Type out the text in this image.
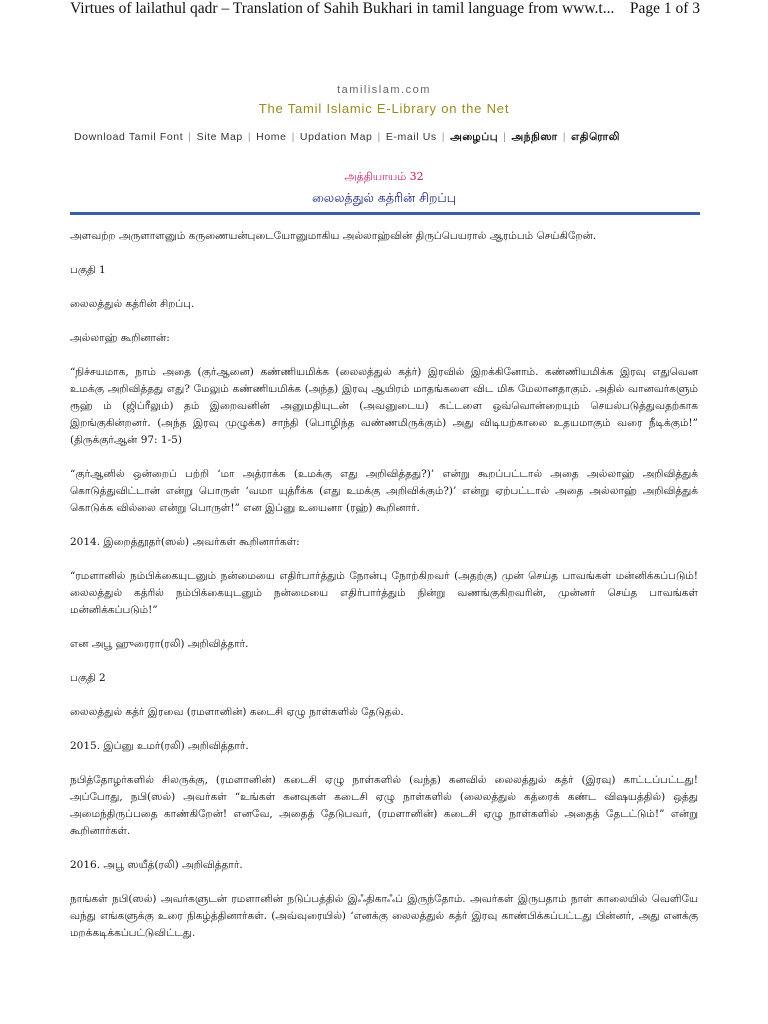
Virtues of lailathul qadr – Translation of Sahih Bukhari in tamil language from www.t... Page 1 of 3
tamilislam.com
The Tamil Islamic E-Library on the Net
Download Tamil Font | Site Map | Home | Updation Map | E-mail Us | அழைப்பு | அந்நிஸா | எதிரொலி
அத்தியாயம் 32
லைலத்துல் கத்ரின் சிறப்பு

அளவற்ற அருளாளனும் கருணையன்புடையோனுமாகிய அல்லாஹ்வின் திருப்பெயரால் ஆரம்பம் செய்கிறேன்.

பகுதி 1

லைலத்துல் கத்ரின் சிறப்பு.

அல்லாஹ் கூறினான்:

“நிச்சயமாக, நாம் அதை (குர்ஆனை) கண்ணியமிக்க (லைலத்துல் கத்ர்) இரவில் இறக்கினோம். கண்ணியமிக்க இரவு எதுவென உமக்கு அறிவித்தது எது? மேலும் கண்ணியமிக்க (அந்த) இரவு ஆயிரம் மாதங்களை விட மிக மேலானதாகும். அதில் வானவர்களும் ரூஹ் ம் (ஜிப்ரீலும்) தம் இறைவனின் அனுமதியுடன் (அவனுடைய) கட்டளை ஒவ்வொன்றையும் செயல்படுத்துவதற்காக இறங்குகின்றனர். (அந்த இரவு முழுக்க) சாந்தி (பொழிந்த வண்ணமிருக்கும்) அது விடியற்காலை உதயமாகும் வரை நீடிக்கும்!” (திருக்குர்ஆன் 97: 1-5)

“குர்ஆனில் ஒன்றைப் பற்றி ‘மா அத்ராக்க (உமக்கு எது அறிவித்தது?)’ என்று கூறப்பட்டால் அதை அல்லாஹ் அறிவித்துக் கொடுத்துவிட்டான் என்று பொருள் ‘வமா யுத்ரீக்க (எது உமக்கு அறிவிக்கும்?)’ என்று ஏற்பட்டால் அதை அல்லாஹ் அறிவித்துக் கொடுக்க வில்லை என்று பொருள்!” என இப்னு உயைனா (ரஹ்) கூறினார்.

2014. இறைத்தூதர்(ஸல்) அவர்கள் கூறினார்கள்:

“ரமளானில் நம்பிக்கையுடனும் நன்மையை எதிர்பார்த்தும் நோன்பு நோற்கிறவர் (அதற்கு) முன் செய்த பாவங்கள் மன்னிக்கப்படும்! லைலத்துல் கத்ரில் நம்பிக்கையுடனும் நன்மையை எதிர்பார்த்தும் நின்று வணங்குகிறவரின், முன்னர் செய்த பாவங்கள் மன்னிக்கப்படும்!”

என அபூ ஹுரைரா(ரலி) அறிவித்தார்.

பகுதி 2

லைலத்துல் கத்ர் இரவை (ரமளானின்) கடைசி ஏழு நாள்களில் தேடுதல்.

2015. இப்னு உமர்(ரலி) அறிவித்தார்.

நபித்தோழர்களில் சிலருக்கு, (ரமளானின்) கடைசி ஏழு நாள்களில் (வந்த) கனவில் லைலத்துல் கத்ர் (இரவு) காட்டப்பட்டது! அப்போது, நபி(ஸல்) அவர்கள் “உங்கள் கனவுகள் கடைசி ஏழு நாள்களில் (லைலத்துல் கத்ரைக் கண்ட விஷயத்தில்) ஒத்து அமைந்திருப்பதை காண்கிறேன்! எனவே, அதைத் தேடுபவர், (ரமளானின்) கடைசி ஏழு நாள்களில் அதைத் தேடட்டும்!” என்று கூறினார்கள்.

2016. அபூ ஸயீத்(ரலி) அறிவித்தார்.

நாங்கள் நபி(ஸல்) அவர்களுடன் ரமளானின் நடுப்பத்தில் இஃதிகாஃப் இருந்தோம். அவர்கள் இருபதாம் நாள் காலையில் வெளியே வந்து எங்களுக்கு உரை நிகழ்த்தினார்கள். (அவ்வுரையில்) ‘எனக்கு லைலத்துல் கத்ர் இரவு காண்பிக்கப்பட்டது பின்னர், அது எனக்கு மறக்கடிக்கப்பட்டுவிட்டது.
